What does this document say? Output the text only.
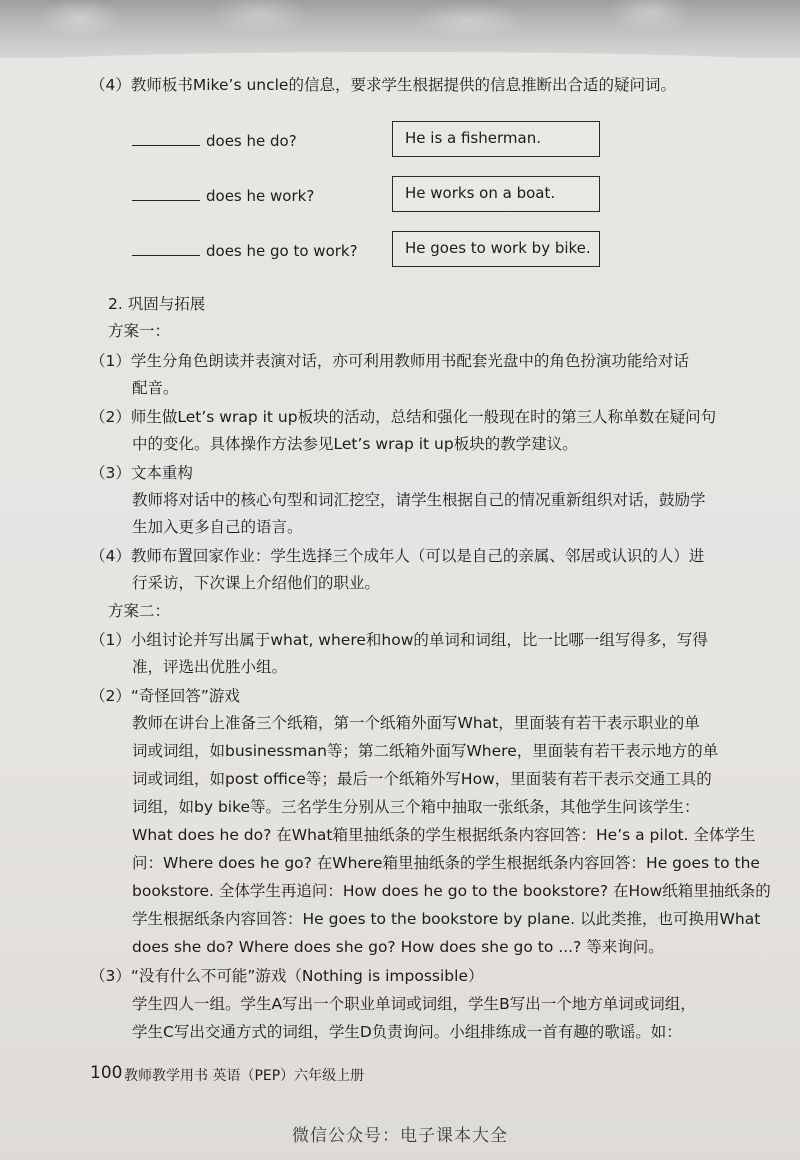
（4）教师板书Mike’s uncle的信息，要求学生根据提供的信息推断出合适的疑问词。
does he do?	He is a fisherman.
does he work?	He works on a boat.
does he go to work?	He goes to work by bike.
2. 巩固与拓展
方案一：
（1）学生分角色朗读并表演对话，亦可利用教师用书配套光盘中的角色扮演功能给对话
配音。
（2）师生做Let’s wrap it up板块的活动，总结和强化一般现在时的第三人称单数在疑问句
中的变化。具体操作方法参见Let’s wrap it up板块的教学建议。
（3）文本重构
教师将对话中的核心句型和词汇挖空，请学生根据自己的情况重新组织对话，鼓励学
生加入更多自己的语言。
（4）教师布置回家作业：学生选择三个成年人（可以是自己的亲属、邻居或认识的人）进
行采访，下次课上介绍他们的职业。
方案二：
（1）小组讨论并写出属于what, where和how的单词和词组，比一比哪一组写得多，写得
准，评选出优胜小组。
（2）“奇怪回答”游戏
教师在讲台上准备三个纸箱，第一个纸箱外面写What，里面装有若干表示职业的单
词或词组，如businessman等；第二纸箱外面写Where，里面装有若干表示地方的单
词或词组，如post office等；最后一个纸箱外写How，里面装有若干表示交通工具的
词组，如by bike等。三名学生分别从三个箱中抽取一张纸条，其他学生问该学生：
What does he do? 在What箱里抽纸条的学生根据纸条内容回答：He’s a pilot. 全体学生
问：Where does he go? 在Where箱里抽纸条的学生根据纸条内容回答：He goes to the
bookstore. 全体学生再追问：How does he go to the bookstore? 在How纸箱里抽纸条的
学生根据纸条内容回答：He goes to the bookstore by plane. 以此类推，也可换用What
does she do? Where does she go? How does she go to ...? 等来询问。
（3）“没有什么不可能”游戏（Nothing is impossible）
学生四人一组。学生A写出一个职业单词或词组，学生B写出一个地方单词或词组，
学生C写出交通方式的词组，学生D负责询问。小组排练成一首有趣的歌谣。如：
100 教师教学用书 英语（PEP）六年级上册
微信公众号：电子课本大全
